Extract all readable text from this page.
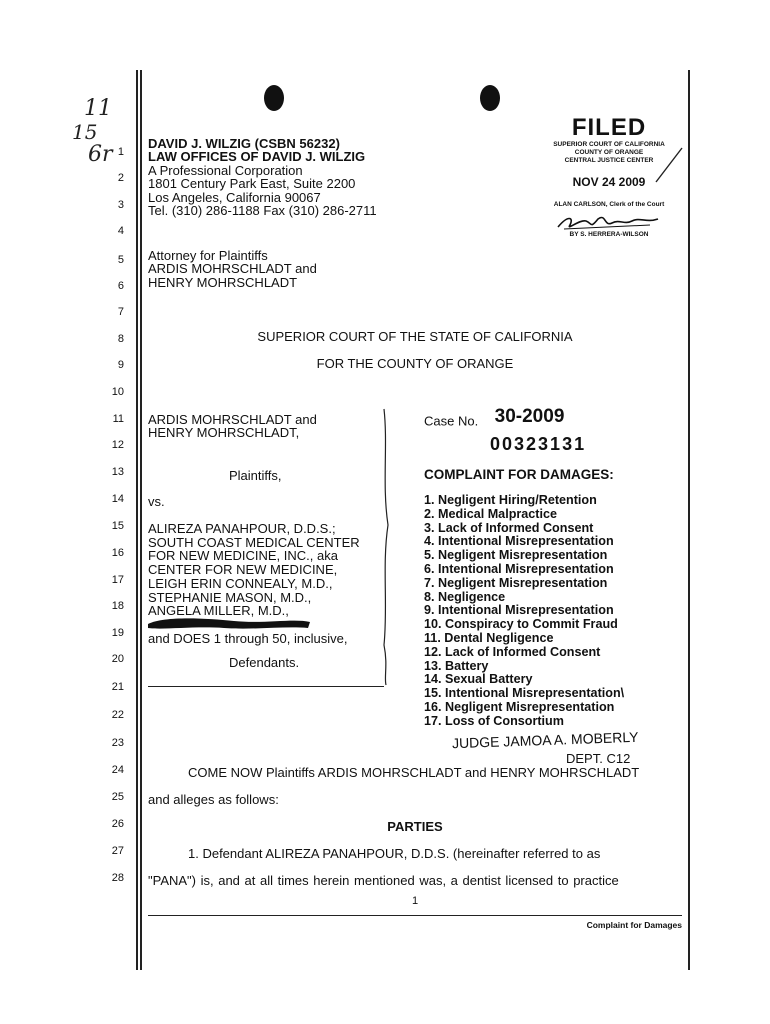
11
15
6r 1
2
3
4
5
6
7
8
9
10
11
12
13
14
15
16
17
18
19
20
21
22
23
24
25
26
27
28
DAVID J. WILZIG (CSBN 56232)
LAW OFFICES OF DAVID J. WILZIG
A Professional Corporation
1801 Century Park East, Suite 2200
Los Angeles, California 90067
Tel. (310) 286-1188 Fax (310) 286-2711
Attorney for Plaintiffs
ARDIS MOHRSCHLADT and
HENRY MOHRSCHLADT
FILED
SUPERIOR COURT OF CALIFORNIA
COUNTY OF ORANGE
CENTRAL JUSTICE CENTER
NOV 24 2009
ALAN CARLSON, Clerk of the Court
BY S. HERRERA-WILSON
SUPERIOR COURT OF THE STATE OF CALIFORNIA
FOR THE COUNTY OF ORANGE
ARDIS MOHRSCHLADT and
HENRY MOHRSCHLADT,
Plaintiffs,
vs.
ALIREZA PANAHPOUR, D.D.S.;
SOUTH COAST MEDICAL CENTER
FOR NEW MEDICINE, INC., aka
CENTER FOR NEW MEDICINE,
LEIGH ERIN CONNEALY, M.D.,
STEPHANIE MASON, M.D.,
ANGELA MILLER, M.D.,
and DOES 1 through 50, inclusive,
Defendants.
Case No. 30-2009
00323131
COMPLAINT FOR DAMAGES:
1. Negligent Hiring/Retention
2. Medical Malpractice
3. Lack of Informed Consent
4. Intentional Misrepresentation
5. Negligent Misrepresentation
6. Intentional Misrepresentation
7. Negligent Misrepresentation
8. Negligence
9. Intentional Misrepresentation
10. Conspiracy to Commit Fraud
11. Dental Negligence
12. Lack of Informed Consent
13. Battery
14. Sexual Battery
15. Intentional Misrepresentation\
16. Negligent Misrepresentation
17. Loss of Consortium
JUDGE JAMOA A. MOBERLY
DEPT. C12
COME NOW Plaintiffs ARDIS MOHRSCHLADT and HENRY MOHRSCHLADT
and alleges as follows:
PARTIES
1. Defendant ALIREZA PANAHPOUR, D.D.S. (hereinafter referred to as
"PANA") is, and at all times herein mentioned was, a dentist licensed to practice
1
Complaint for Damages
